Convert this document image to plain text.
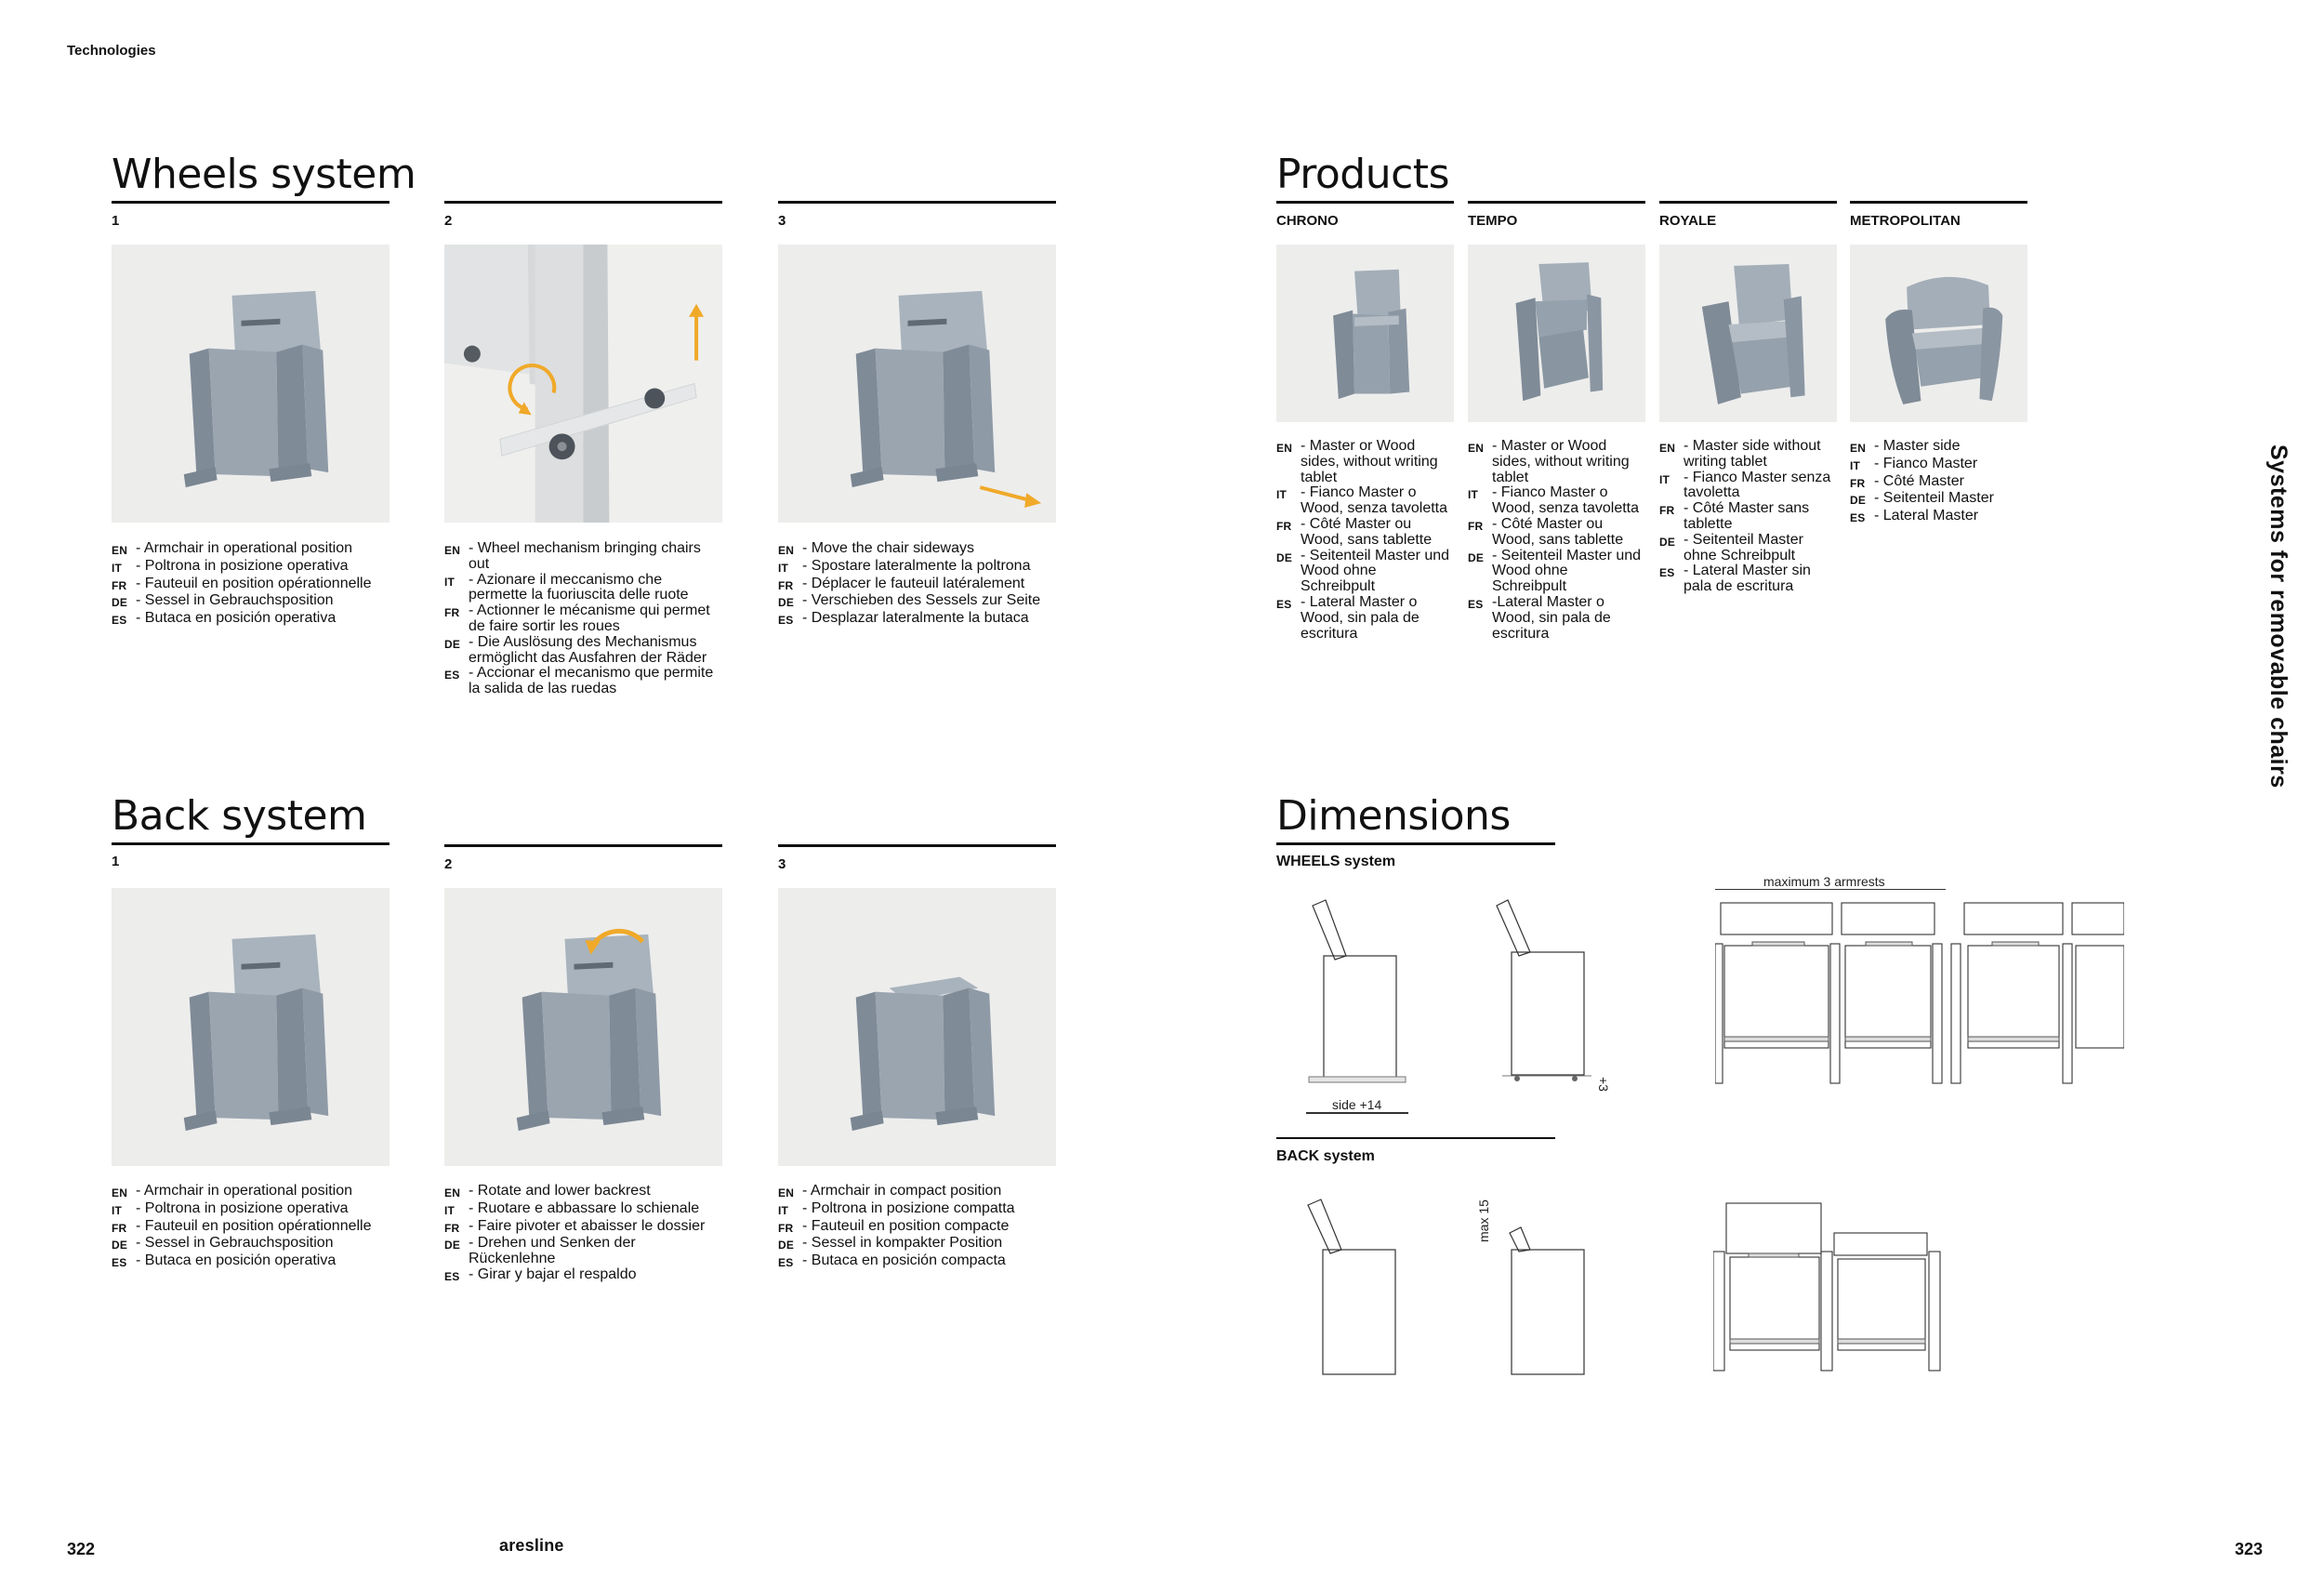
Technologies
322	323
aresline
Systems for removable chairs
Wheels system
1	2	3
EN - Armchair in operational position
IT - Poltrona in posizione operativa
FR - Fauteuil en position opérationnelle
DE - Sessel in Gebrauchsposition
ES - Butaca en posición operativa
EN - Wheel mechanism bringing chairs out
IT - Azionare il meccanismo che permette la fuoriuscita delle ruote
FR - Actionner le mécanisme qui permet de faire sortir les roues
DE - Die Auslösung des Mechanismus ermöglicht das Ausfahren der Räder
ES - Accionar el mecanismo que permite la salida de las ruedas
EN - Move the chair sideways
IT - Spostare lateralmente la poltrona
FR - Déplacer le fauteuil latéralement
DE - Verschieben des Sessels zur Seite
ES - Desplazar lateralmente la butaca
Back system
1	2	3
EN - Armchair in operational position
IT - Poltrona in posizione operativa
FR - Fauteuil en position opérationnelle
DE - Sessel in Gebrauchsposition
ES - Butaca en posición operativa
EN - Rotate and lower backrest
IT - Ruotare e abbassare lo schienale
FR - Faire pivoter et abaisser le dossier
DE - Drehen und Senken der Rückenlehne
ES - Girar y bajar el respaldo
EN - Armchair in compact position
IT - Poltrona in posizione compatta
FR - Fauteuil en position compacte
DE - Sessel in kompakter Position
ES - Butaca en posición compacta
Products
CHRONO	TEMPO	ROYALE	METROPOLITAN
EN - Master or Wood sides, without writing tablet
IT - Fianco Master o Wood, senza tavoletta
FR - Côté Master ou Wood, sans tablette
DE - Seitenteil Master und Wood ohne Schreibpult
ES - Lateral Master o Wood, sin pala de escritura
EN - Master or Wood sides, without writing tablet
IT - Fianco Master o Wood, senza tavoletta
FR - Côté Master ou Wood, sans tablette
DE - Seitenteil Master und Wood ohne Schreibpult
ES -Lateral Master o Wood, sin pala de escritura
EN - Master side without writing tablet
IT - Fianco Master senza tavoletta
FR - Côté Master sans tablette
DE - Seitenteil Master ohne Schreibpult
ES - Lateral Master sin pala de escritura
EN - Master side
IT - Fianco Master
FR - Côté Master
DE - Seitenteil Master
ES - Lateral Master
Dimensions
WHEELS system
BACK system
+3
side +14
maximum 3 armrests
max 15
